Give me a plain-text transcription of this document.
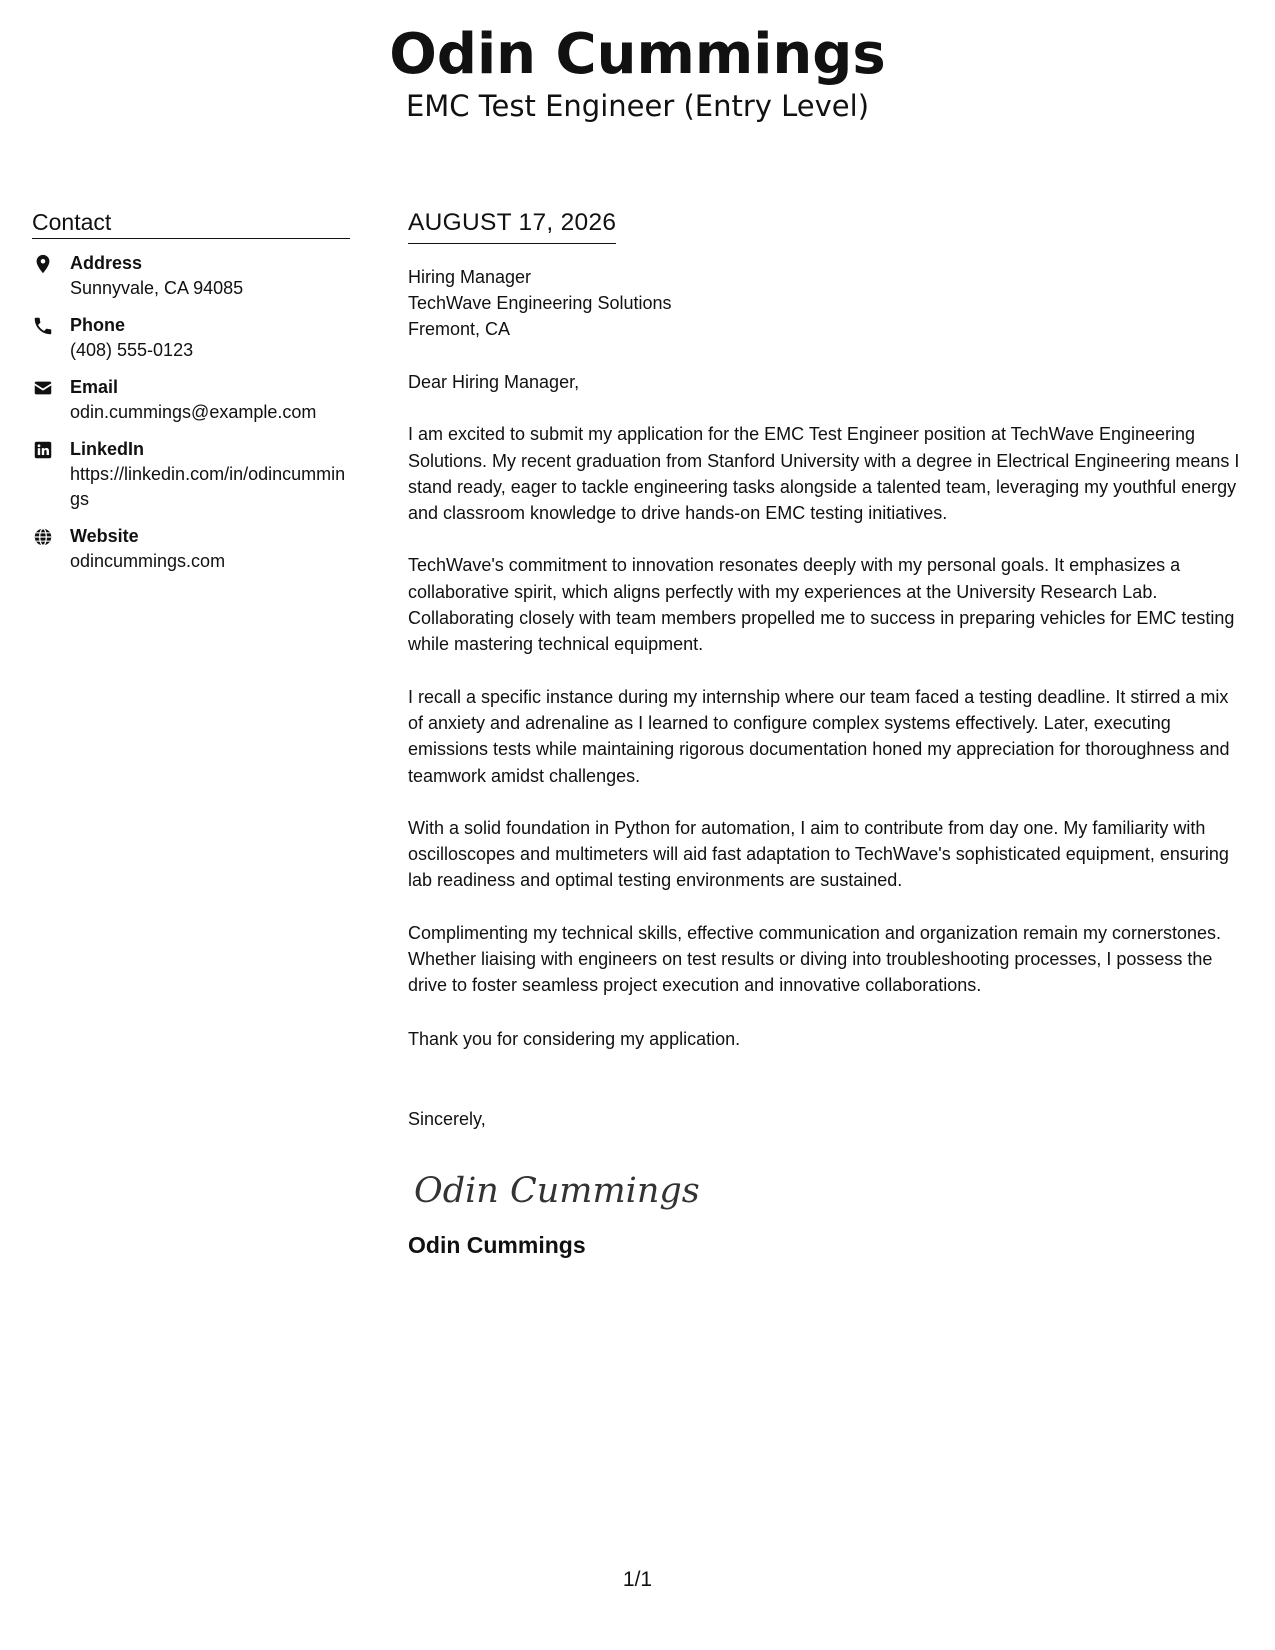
Odin Cummings
EMC Test Engineer (Entry Level)
Contact
Address
Sunnyvale, CA 94085
Phone
(408) 555-0123
Email
odin.cummings@example.com
LinkedIn
https://linkedin.com/in/odincummings
Website
odincummings.com
AUGUST 17, 2026
Hiring Manager
TechWave Engineering Solutions
Fremont, CA
Dear Hiring Manager,
I am excited to submit my application for the EMC Test Engineer position at TechWave Engineering Solutions. My recent graduation from Stanford University with a degree in Electrical Engineering means I stand ready, eager to tackle engineering tasks alongside a talented team, leveraging my youthful energy and classroom knowledge to drive hands-on EMC testing initiatives.
TechWave's commitment to innovation resonates deeply with my personal goals. It emphasizes a collaborative spirit, which aligns perfectly with my experiences at the University Research Lab. Collaborating closely with team members propelled me to success in preparing vehicles for EMC testing while mastering technical equipment.
I recall a specific instance during my internship where our team faced a testing deadline. It stirred a mix of anxiety and adrenaline as I learned to configure complex systems effectively. Later, executing emissions tests while maintaining rigorous documentation honed my appreciation for thoroughness and teamwork amidst challenges.
With a solid foundation in Python for automation, I aim to contribute from day one. My familiarity with oscilloscopes and multimeters will aid fast adaptation to TechWave's sophisticated equipment, ensuring lab readiness and optimal testing environments are sustained.
Complimenting my technical skills, effective communication and organization remain my cornerstones. Whether liaising with engineers on test results or diving into troubleshooting processes, I possess the drive to foster seamless project execution and innovative collaborations.
Thank you for considering my application.
Sincerely,
Odin Cummings
Odin Cummings
1/1
